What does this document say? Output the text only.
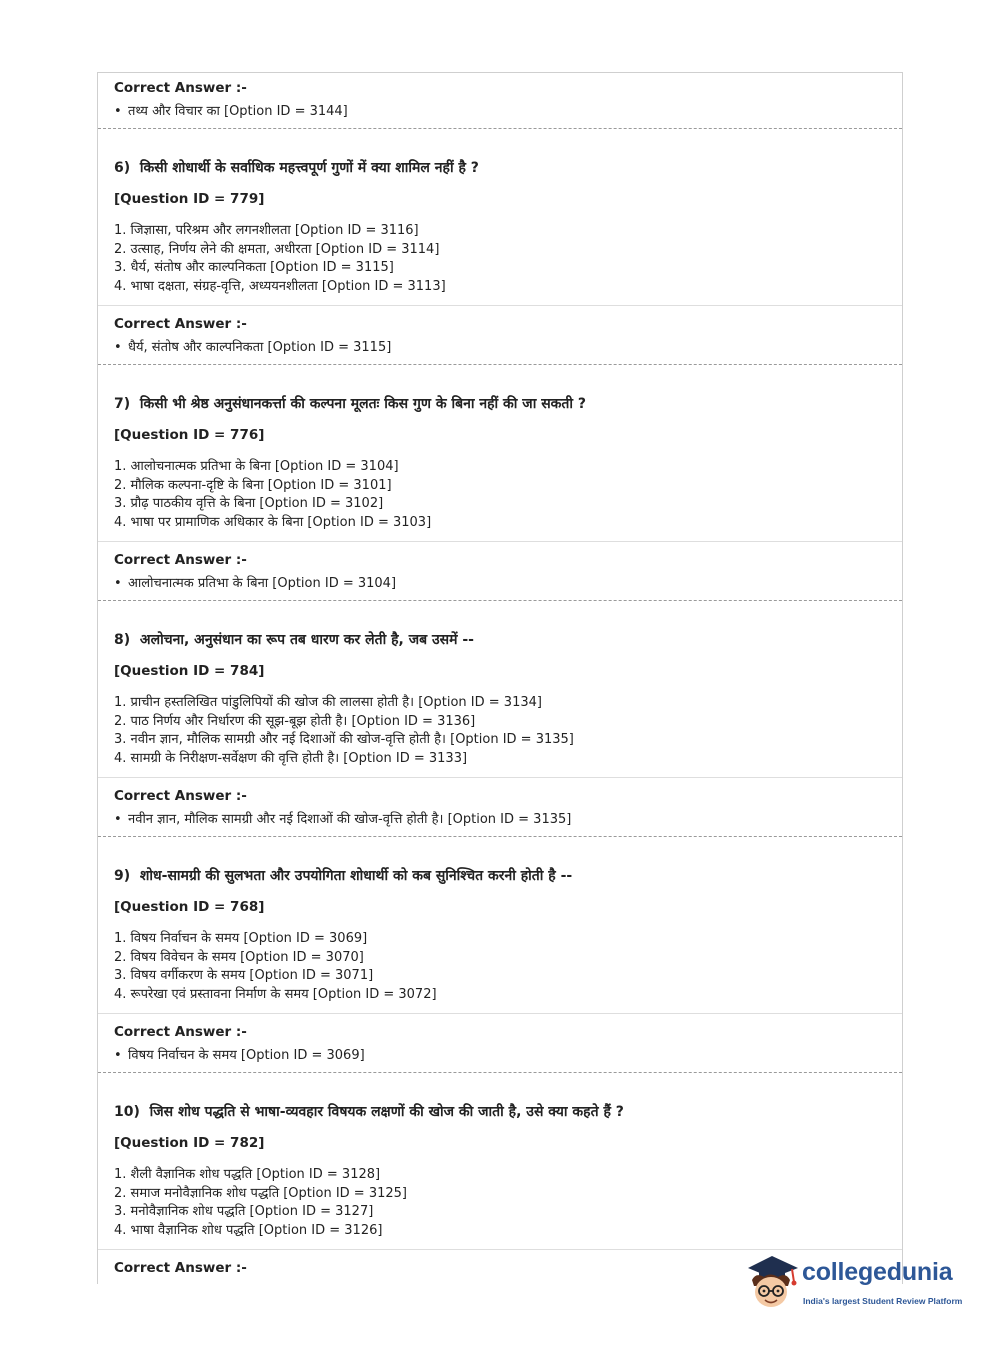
Correct Answer :-
• तथ्य और विचार का [Option ID = 3144]
6) किसी शोधार्थी के सर्वाधिक महत्त्वपूर्ण गुणों में क्या शामिल नहीं है ?
[Question ID = 779]
1. जिज्ञासा, परिश्रम और लगनशीलता [Option ID = 3116]
2. उत्साह, निर्णय लेने की क्षमता, अधीरता [Option ID = 3114]
3. धैर्य, संतोष और काल्पनिकता [Option ID = 3115]
4. भाषा दक्षता, संग्रह-वृत्ति, अध्ययनशीलता [Option ID = 3113]
Correct Answer :-
• धैर्य, संतोष और काल्पनिकता [Option ID = 3115]
7) किसी भी श्रेष्ठ अनुसंधानकर्त्ता की कल्पना मूलतः किस गुण के बिना नहीं की जा सकती ?
[Question ID = 776]
1. आलोचनात्मक प्रतिभा के बिना [Option ID = 3104]
2. मौलिक कल्पना-दृष्टि के बिना [Option ID = 3101]
3. प्रौढ़ पाठकीय वृत्ति के बिना [Option ID = 3102]
4. भाषा पर प्रामाणिक अधिकार के बिना [Option ID = 3103]
Correct Answer :-
• आलोचनात्मक प्रतिभा के बिना [Option ID = 3104]
8) अलोचना, अनुसंधान का रूप तब धारण कर लेती है, जब उसमें --
[Question ID = 784]
1. प्राचीन हस्तलिखित पांडुलिपियों की खोज की लालसा होती है। [Option ID = 3134]
2. पाठ निर्णय और निर्धारण की सूझ-बूझ होती है। [Option ID = 3136]
3. नवीन ज्ञान, मौलिक सामग्री और नई दिशाओं की खोज-वृत्ति होती है। [Option ID = 3135]
4. सामग्री के निरीक्षण-सर्वेक्षण की वृत्ति होती है। [Option ID = 3133]
Correct Answer :-
• नवीन ज्ञान, मौलिक सामग्री और नई दिशाओं की खोज-वृत्ति होती है। [Option ID = 3135]
9) शोध-सामग्री की सुलभता और उपयोगिता शोधार्थी को कब सुनिश्चित करनी होती है --
[Question ID = 768]
1. विषय निर्वाचन के समय [Option ID = 3069]
2. विषय विवेचन के समय [Option ID = 3070]
3. विषय वर्गीकरण के समय [Option ID = 3071]
4. रूपरेखा एवं प्रस्तावना निर्माण के समय [Option ID = 3072]
Correct Answer :-
• विषय निर्वाचन के समय [Option ID = 3069]
10) जिस शोध पद्धति से भाषा-व्यवहार विषयक लक्षणों की खोज की जाती है, उसे क्या कहते हैं ?
[Question ID = 782]
1. शैली वैज्ञानिक शोध पद्धति [Option ID = 3128]
2. समाज मनोवैज्ञानिक शोध पद्धति [Option ID = 3125]
3. मनोवैज्ञानिक शोध पद्धति [Option ID = 3127]
4. भाषा वैज्ञानिक शोध पद्धति [Option ID = 3126]
Correct Answer :-	collegedunia
India's largest Student Review Platform
